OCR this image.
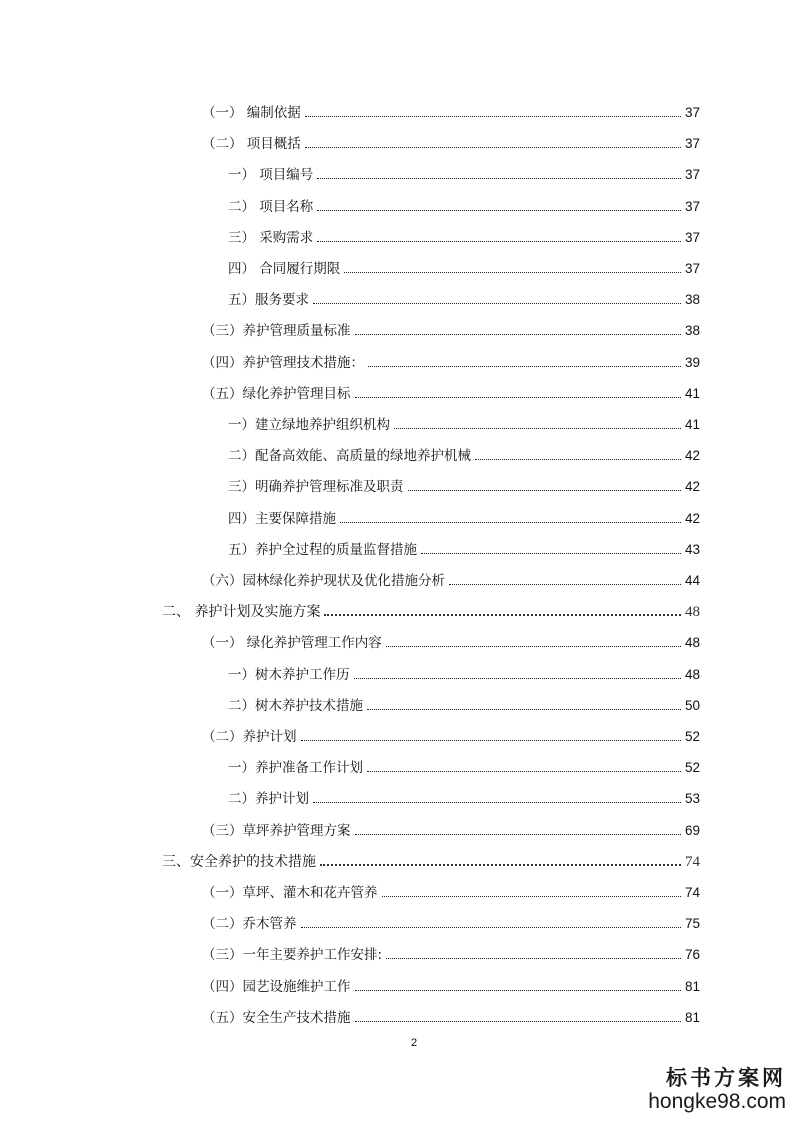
（一） 编制依据	37
（二） 项目概括	37
一） 项目编号	37
二） 项目名称	37
三） 采购需求	37
四） 合同履行期限	37
五）服务要求	38
（三）养护管理质量标准	38
（四）养护管理技术措施：	39
（五）绿化养护管理目标	41
一）建立绿地养护组织机构	41
二）配备高效能、高质量的绿地养护机械	42
三）明确养护管理标准及职责	42
四）主要保障措施	42
五）养护全过程的质量监督措施	43
（六）园林绿化养护现状及优化措施分析	44
二、 养护计划及实施方案	48
（一） 绿化养护管理工作内容	48
一）树木养护工作历	48
二）树木养护技术措施	50
（二）养护计划	52
一）养护准备工作计划	52
二）养护计划	53
（三）草坪养护管理方案	69
三、安全养护的技术措施	74
（一）草坪、灌木和花卉管养	74
（二）乔木管养	75
（三）一年主要养护工作安排:	76
（四）园艺设施维护工作	81
（五）安全生产技术措施	81
2
标书方案网
hongke98.com
